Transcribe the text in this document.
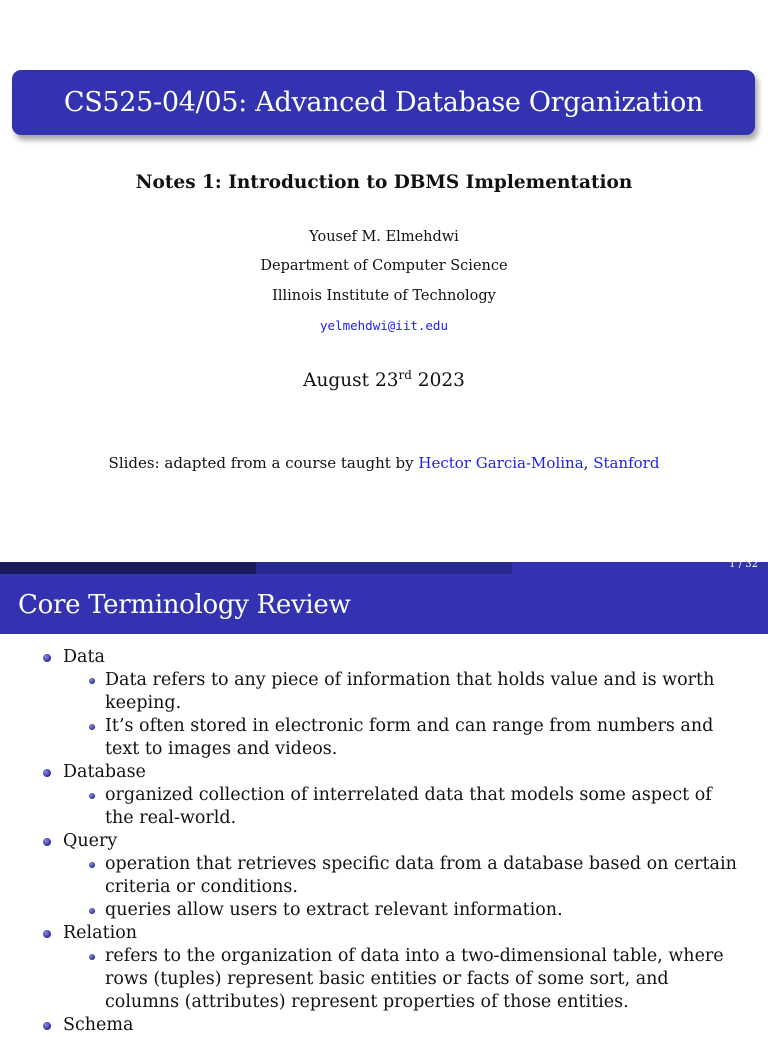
CS525-04/05: Advanced Database Organization
Notes 1: Introduction to DBMS Implementation
Yousef M. Elmehdwi
Department of Computer Science
Illinois Institute of Technology
yelmehdwi@iit.edu
August 23rd 2023
Slides: adapted from a course taught by Hector Garcia-Molina, Stanford
1 / 32
Core Terminology Review
Data
Data refers to any piece of information that holds value and is worth keeping.
It’s often stored in electronic form and can range from numbers and text to images and videos.
Database
organized collection of interrelated data that models some aspect of the real-world.
Query
operation that retrieves specific data from a database based on certain criteria or conditions.
queries allow users to extract relevant information.
Relation
refers to the organization of data into a two-dimensional table, where rows (tuples) represent basic entities or facts of some sort, and columns (attributes) represent properties of those entities.
Schema
